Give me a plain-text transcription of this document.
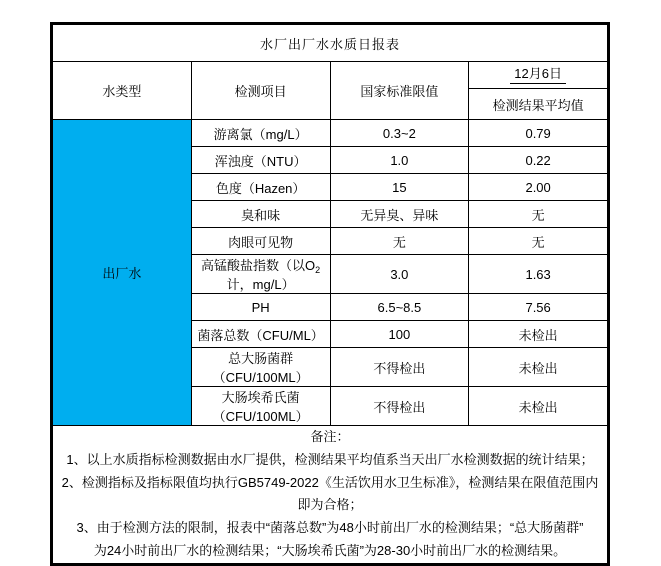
水厂出厂水水质日报表			
水类型	检测项目	国家标准限值	12月6日
			检测结果平均值
出厂水	游离氯（mg/L）	0.3~2	0.79
	浑浊度（NTU）	1.0	0.22
	色度（Hazen）	15	2.00
	臭和味	无异臭、异味	无
	肉眼可见物	无	无
	高锰酸盐指数（以$O_2$计，mg/L）	3.0	1.63
	PH	6.5~8.5	7.56
	菌落总数（CFU/ML）	100	未检出
	总大肠菌群（CFU/100ML）	不得检出	未检出
	大肠埃希氏菌（CFU/100ML）	不得检出	未检出

备注：
1、以上水质指标检测数据由水厂提供，检测结果平均值系当天出厂水检测数据的统计结果；
2、检测指标及指标限值均执行GB5749-2022《生活饮用水卫生标准》，检测结果在限值范围内
即为合格；
3、由于检测方法的限制，报表中“菌落总数”为48小时前出厂水的检测结果；“总大肠菌群”
为24小时前出厂水的检测结果；“大肠埃希氏菌”为28-30小时前出厂水的检测结果。
